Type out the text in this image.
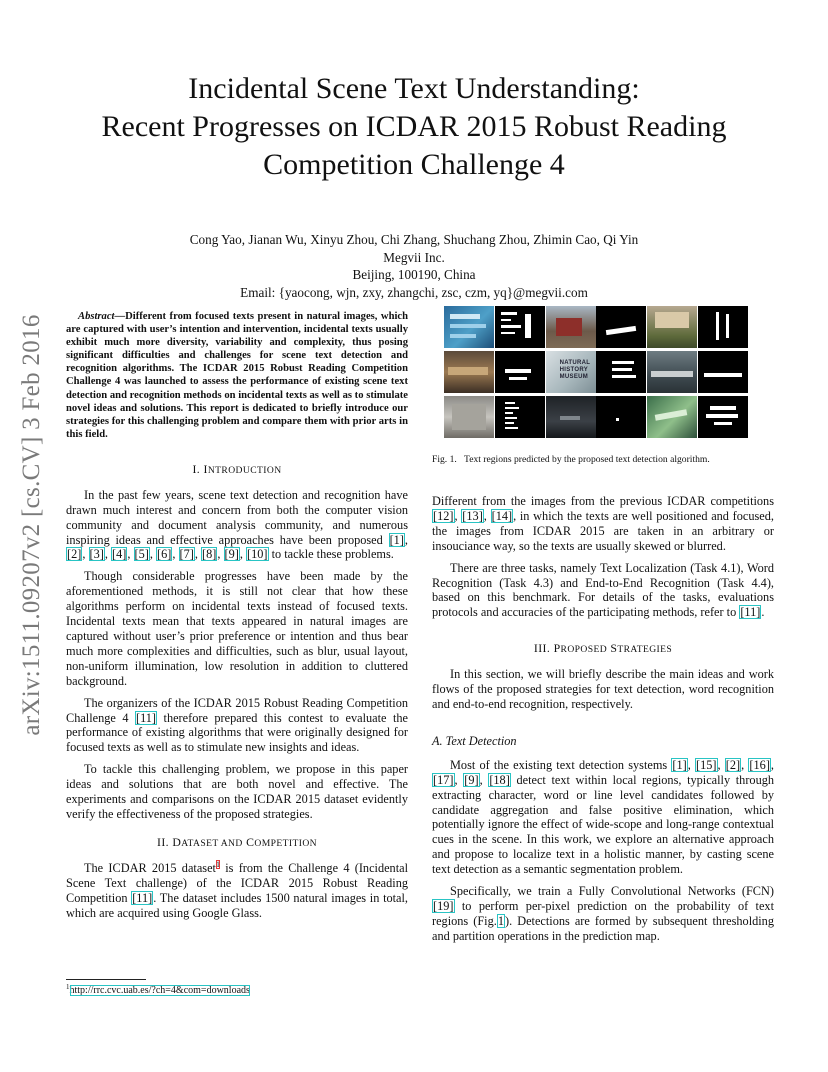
arXiv:1511.09207v2 [cs.CV] 3 Feb 2016
Incidental Scene Text Understanding:
Recent Progresses on ICDAR 2015 Robust Reading
Competition Challenge 4
Cong Yao, Jianan Wu, Xinyu Zhou, Chi Zhang, Shuchang Zhou, Zhimin Cao, Qi Yin
Megvii Inc.
Beijing, 100190, China
Email: {yaocong, wjn, zxy, zhangchi, zsc, czm, yq}@megvii.com

Abstract—Different from focused texts present in natural images, which are captured with user’s intention and intervention, incidental texts usually exhibit much more diversity, variability and complexity, thus posing significant difficulties and challenges for scene text detection and recognition algorithms. The ICDAR 2015 Robust Reading Competition Challenge 4 was launched to assess the performance of existing scene text detection and recognition methods on incidental texts as well as to stimulate novel ideas and solutions. This report is dedicated to briefly introduce our strategies for this challenging problem and compare them with prior arts in this field.

I. INTRODUCTION

In the past few years, scene text detection and recognition have drawn much interest and concern from both the computer vision community and document analysis community, and numerous inspiring ideas and effective approaches have been proposed [1], [2], [3], [4], [5], [6], [7], [8], [9], [10] to tackle these problems.

Though considerable progresses have been made by the aforementioned methods, it is still not clear that how these algorithms perform on incidental texts instead of focused texts. Incidental texts mean that texts appeared in natural images are captured without user’s prior preference or intention and thus bear much more complexities and difficulties, such as blur, usual layout, non-uniform illumination, low resolution in addition to cluttered background.

The organizers of the ICDAR 2015 Robust Reading Competition Challenge 4 [11] therefore prepared this contest to evaluate the performance of existing algorithms that were originally designed for focused texts as well as to stimulate new insights and ideas.

To tackle this challenging problem, we propose in this paper ideas and solutions that are both novel and effective. The experiments and comparisons on the ICDAR 2015 dataset evidently verify the effectiveness of the proposed strategies.

II. DATASET AND COMPETITION

The ICDAR 2015 dataset$^1$ is from the Challenge 4 (Incidental Scene Text challenge) of the ICDAR 2015 Robust Reading Competition [11]. The dataset includes 1500 natural images in total, which are acquired using Google Glass.

$^1$http://rrc.cvc.uab.es/?ch=4&com=downloads
NATURAL
HISTORY
MUSEUM
Fig. 1. Text regions predicted by the proposed text detection algorithm.

Different from the images from the previous ICDAR competitions [12], [13], [14], in which the texts are well positioned and focused, the images from ICDAR 2015 are taken in an arbitrary or insouciance way, so the texts are usually skewed or blurred.

There are three tasks, namely Text Localization (Task 4.1), Word Recognition (Task 4.3) and End-to-End Recognition (Task 4.4), based on this benchmark. For details of the tasks, evaluations protocols and accuracies of the participating methods, refer to [11].

III. PROPOSED STRATEGIES

In this section, we will briefly describe the main ideas and work flows of the proposed strategies for text detection, word recognition and end-to-end recognition, respectively.

A. Text Detection

Most of the existing text detection systems [1], [15], [2], [16], [17], [9], [18] detect text within local regions, typically through extracting character, word or line level candidates followed by candidate aggregation and false positive elimination, which potentially ignore the effect of wide-scope and long-range contextual cues in the scene. In this work, we explore an alternative approach and propose to localize text in a holistic manner, by casting scene text detection as a semantic segmentation problem.

Specifically, we train a Fully Convolutional Networks (FCN) [19] to perform per-pixel prediction on the probability of text regions (Fig.1). Detections are formed by subsequent thresholding and partition operations in the prediction map.
